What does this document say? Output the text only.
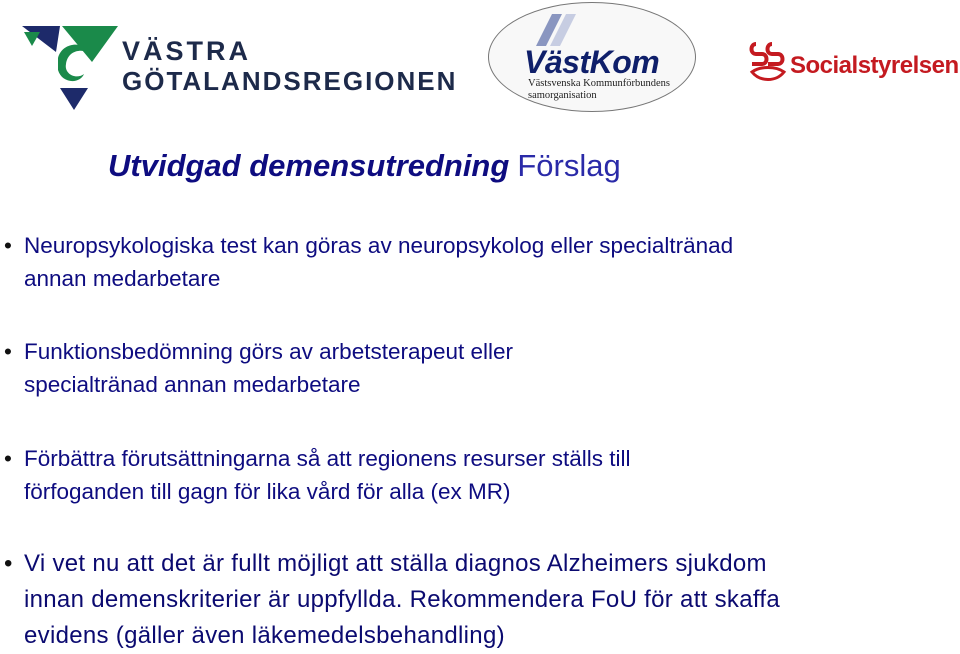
VÄSTRA
GÖTALANDSREGIONEN
VästKom
Västsvenska Kommunförbundens
samorganisation
Socialstyrelsen
Utvidgad demensutredning Förslag
• Neuropsykologiska test kan göras av neuropsykolog eller specialtränad
annan medarbetare
• Funktionsbedömning görs av arbetsterapeut eller
specialtränad annan medarbetare
• Förbättra förutsättningarna så att regionens resurser ställs till
förfoganden till gagn för lika vård för alla (ex MR)
• Vi vet nu att det är fullt möjligt att ställa diagnos Alzheimers sjukdom
innan demenskriterier är uppfyllda. Rekommendera FoU för att skaffa
evidens (gäller även läkemedelsbehandling)
